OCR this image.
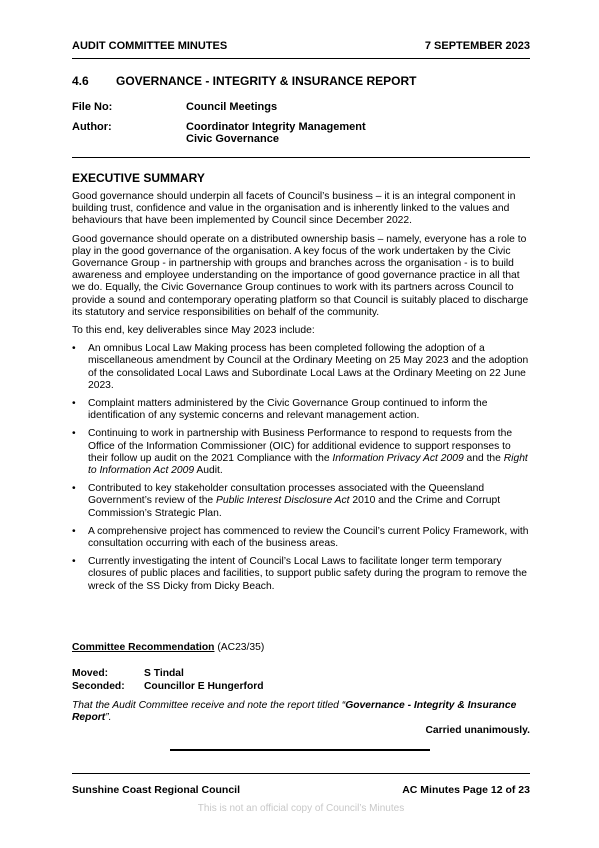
AUDIT COMMITTEE MINUTES	7 SEPTEMBER 2023
4.6	GOVERNANCE - INTEGRITY & INSURANCE REPORT
File No:	Council Meetings
Author:	Coordinator Integrity Management
Civic Governance
EXECUTIVE SUMMARY

Good governance should underpin all facets of Council’s business – it is an integral component in building trust, confidence and value in the organisation and is inherently linked to the values and behaviours that have been implemented by Council since December 2022.

Good governance should operate on a distributed ownership basis – namely, everyone has a role to play in the good governance of the organisation. A key focus of the work undertaken by the Civic Governance Group - in partnership with groups and branches across the organisation - is to build awareness and employee understanding on the importance of good governance practice in all that we do. Equally, the Civic Governance Group continues to work with its partners across Council to provide a sound and contemporary operating platform so that Council is suitably placed to discharge its statutory and service responsibilities on behalf of the community.

To this end, key deliverables since May 2023 include:

• An omnibus Local Law Making process has been completed following the adoption of a miscellaneous amendment by Council at the Ordinary Meeting on 25 May 2023 and the adoption of the consolidated Local Laws and Subordinate Local Laws at the Ordinary Meeting on 22 June 2023.
• Complaint matters administered by the Civic Governance Group continued to inform the identification of any systemic concerns and relevant management action.
• Continuing to work in partnership with Business Performance to respond to requests from the Office of the Information Commissioner (OIC) for additional evidence to support responses to their follow up audit on the 2021 Compliance with the Information Privacy Act 2009 and the Right to Information Act 2009 Audit.
• Contributed to key stakeholder consultation processes associated with the Queensland Government’s review of the Public Interest Disclosure Act 2010 and the Crime and Corrupt Commission’s Strategic Plan.
• A comprehensive project has commenced to review the Council’s current Policy Framework, with consultation occurring with each of the business areas.
• Currently investigating the intent of Council’s Local Laws to facilitate longer term temporary closures of public places and facilities, to support public safety during the program to remove the wreck of the SS Dicky from Dicky Beach.
Committee Recommendation (AC23/35)
Moved:	S Tindal
Seconded:	Councillor E Hungerford
That the Audit Committee receive and note the report titled “Governance - Integrity & Insurance Report”.
Carried unanimously.
Sunshine Coast Regional Council	AC Minutes Page 12 of 23
This is not an official copy of Council’s Minutes
